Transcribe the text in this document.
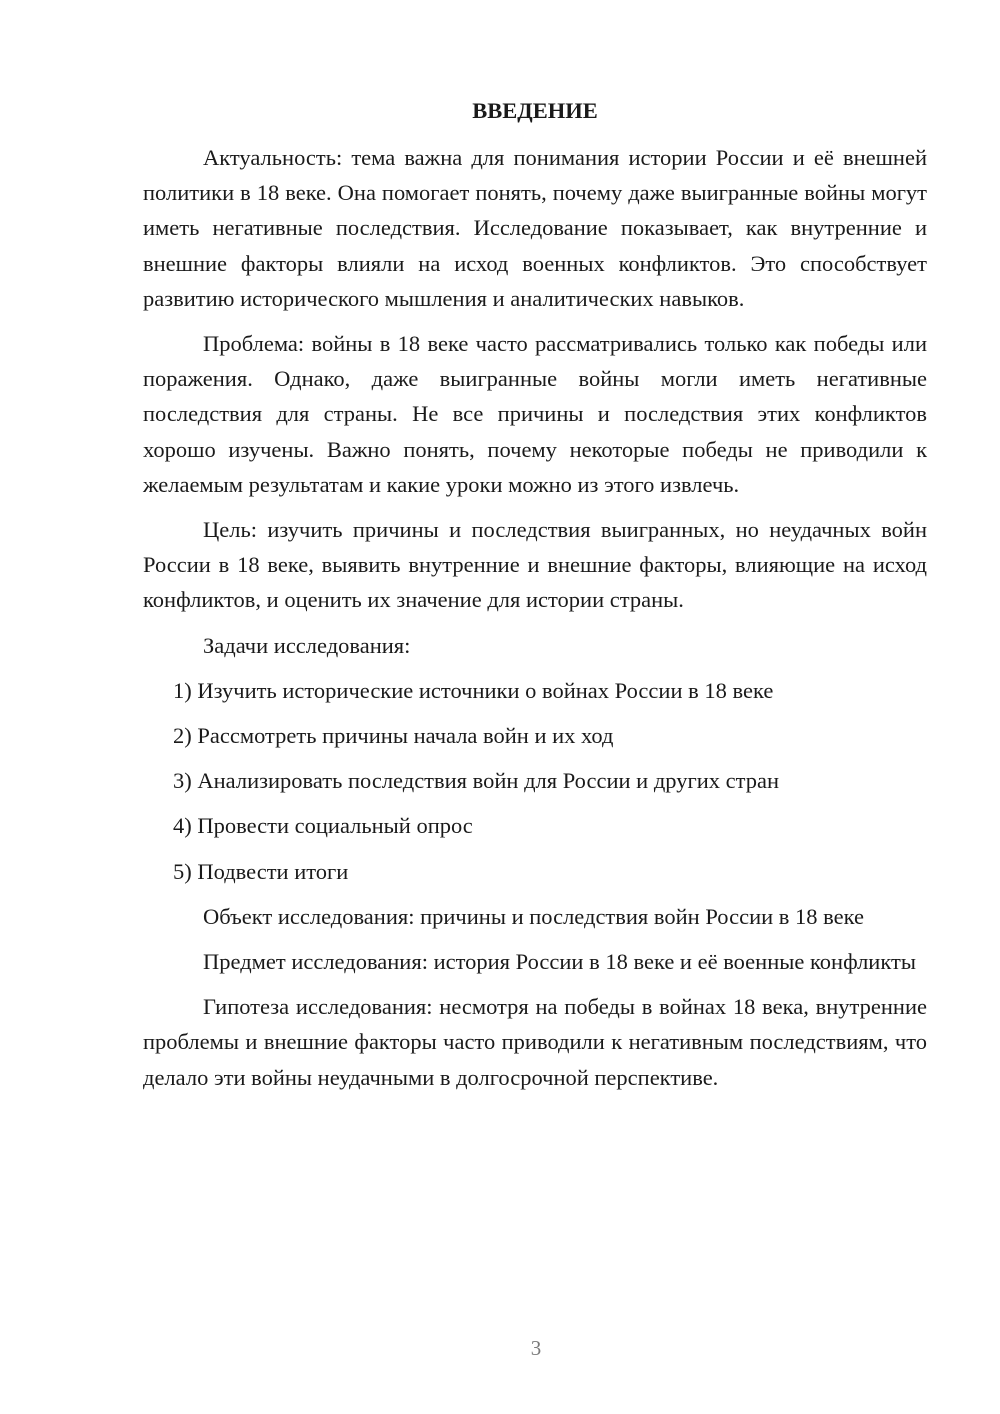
ВВЕДЕНИЕ

Актуальность: тема важна для понимания истории России и её внешней политики в 18 веке. Она помогает понять, почему даже выигранные войны могут иметь негативные последствия. Исследование показывает, как внутренние и внешние факторы влияли на исход военных конфликтов. Это способствует развитию исторического мышления и аналитических навыков.

Проблема: войны в 18 веке часто рассматривались только как победы или поражения. Однако, даже выигранные войны могли иметь негативные последствия для страны. Не все причины и последствия этих конфликтов хорошо изучены. Важно понять, почему некоторые победы не приводили к желаемым результатам и какие уроки можно из этого извлечь.

Цель: изучить причины и последствия выигранных, но неудачных войн России в 18 веке, выявить внутренние и внешние факторы, влияющие на исход конфликтов, и оценить их значение для истории страны.

Задачи исследования:

1) Изучить исторические источники о войнах России в 18 веке
2) Рассмотреть причины начала войн и их ход
3) Анализировать последствия войн для России и других стран
4) Провести социальный опрос
5) Подвести итоги

Объект исследования: причины и последствия войн России в 18 веке

Предмет исследования: история России в 18 веке и её военные конфликты

Гипотеза исследования: несмотря на победы в войнах 18 века, внутренние проблемы и внешние факторы часто приводили к негативным последствиям, что делало эти войны неудачными в долгосрочной перспективе.

3
